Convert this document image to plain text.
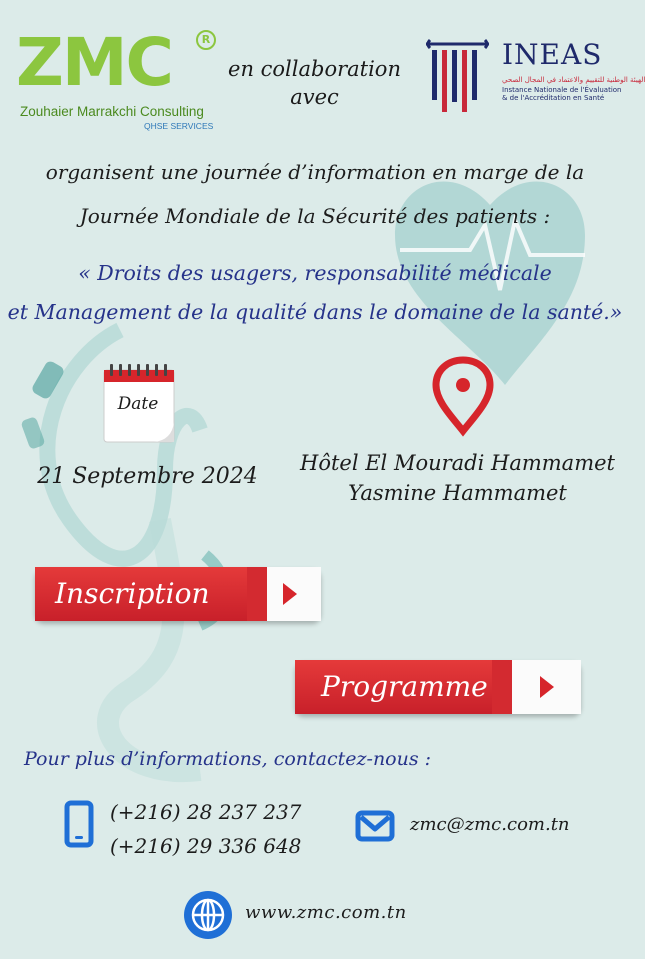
ZMC	R
Zouhaier Marrakchi Consulting
QHSE SERVICES
en collaboration avec
INEAS
الهيئة الوطنية للتقييم والاعتماد في المجال الصحي
Instance Nationale de l'Évaluation & de l'Accréditation en Santé
organisent une journée d’information en marge de la
Journée Mondiale de la Sécurité des patients :
« Droits des usagers, responsabilité médicale
et Management de la qualité dans le domaine de la santé.»
Date
21 Septembre 2024
Hôtel El Mouradi Hammamet
Yasmine Hammamet
Inscription
Programme
Pour plus d’informations, contactez-nous :
(+216) 28 237 237
(+216) 29 336 648
zmc@zmc.com.tn
www.zmc.com.tn
